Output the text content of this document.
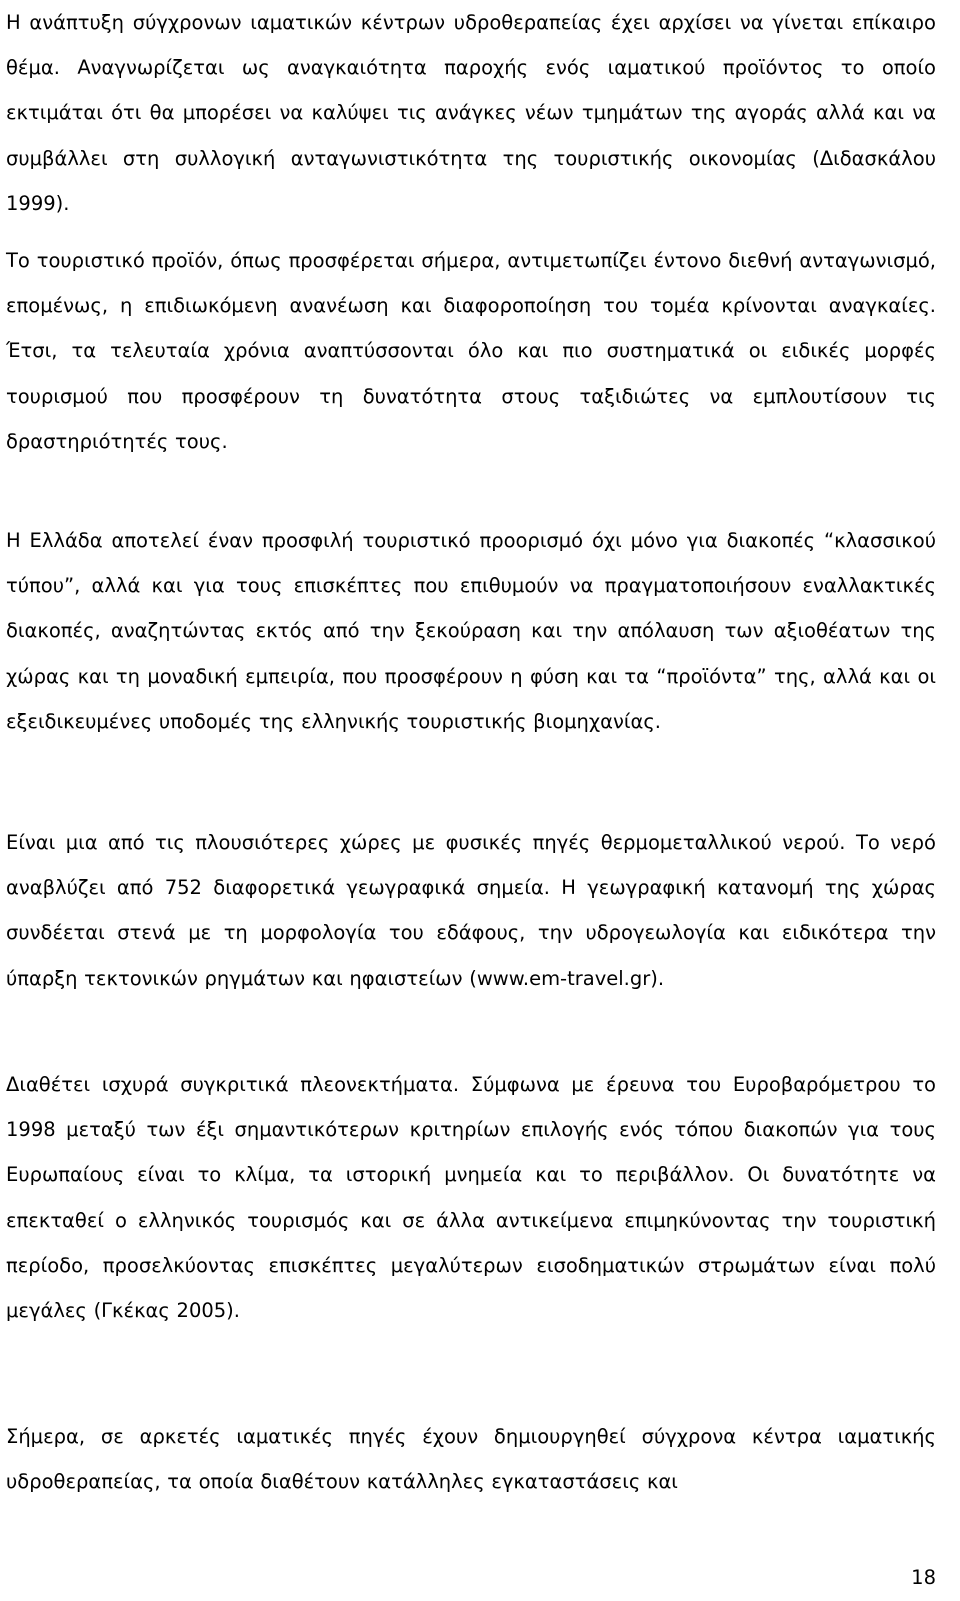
Η ανάπτυξη σύγχρονων ιαματικών κέντρων υδροθεραπείας έχει αρχίσει να γίνεται επίκαιρο θέμα. Αναγνωρίζεται ως αναγκαιότητα παροχής ενός ιαματικού προϊόντος το οποίο εκτιμάται ότι θα μπορέσει να καλύψει τις ανάγκες νέων τμημάτων της αγοράς αλλά και να συμβάλλει στη συλλογική ανταγωνιστικότητα της τουριστικής οικονομίας (Διδασκάλου 1999).

Το τουριστικό προϊόν, όπως προσφέρεται σήμερα, αντιμετωπίζει έντονο διεθνή ανταγωνισμό, επομένως, η επιδιωκόμενη ανανέωση και διαφοροποίηση του τομέα κρίνονται αναγκαίες. Έτσι, τα τελευταία χρόνια αναπτύσσονται όλο και πιο συστηματικά οι ειδικές μορφές τουρισμού που προσφέρουν τη δυνατότητα στους ταξιδιώτες να εμπλουτίσουν τις δραστηριότητές τους.

Η Ελλάδα αποτελεί έναν προσφιλή τουριστικό προορισμό όχι μόνο για διακοπές “κλασσικού τύπου”, αλλά και για τους επισκέπτες που επιθυμούν να πραγματοποιήσουν εναλλακτικές διακοπές, αναζητώντας εκτός από την ξεκούραση και την απόλαυση των αξιοθέατων της χώρας και τη μοναδική εμπειρία, που προσφέρουν η φύση και τα “προϊόντα” της, αλλά και οι εξειδικευμένες υποδομές της ελληνικής τουριστικής βιομηχανίας.

Είναι μια από τις πλουσιότερες χώρες με φυσικές πηγές θερμομεταλλικού νερού. Το νερό αναβλύζει από 752 διαφορετικά γεωγραφικά σημεία. Η γεωγραφική κατανομή της χώρας συνδέεται στενά με τη μορφολογία του εδάφους, την υδρογεωλογία και ειδικότερα την ύπαρξη τεκτονικών ρηγμάτων και ηφαιστείων (www.em-travel.gr).

Διαθέτει ισχυρά συγκριτικά πλεονεκτήματα. Σύμφωνα με έρευνα του Ευροβαρόμετρου το 1998 μεταξύ των έξι σημαντικότερων κριτηρίων επιλογής ενός τόπου διακοπών για τους Ευρωπαίους είναι το κλίμα, τα ιστορική μνημεία και το περιβάλλον. Οι δυνατότητε να επεκταθεί ο ελληνικός τουρισμός και σε άλλα αντικείμενα επιμηκύνοντας την τουριστική περίοδο, προσελκύοντας επισκέπτες μεγαλύτερων εισοδηματικών στρωμάτων είναι πολύ μεγάλες (Γκέκας 2005).

Σήμερα, σε αρκετές ιαματικές πηγές έχουν δημιουργηθεί σύγχρονα κέντρα ιαματικής υδροθεραπείας, τα οποία διαθέτουν κατάλληλες εγκαταστάσεις και

18
